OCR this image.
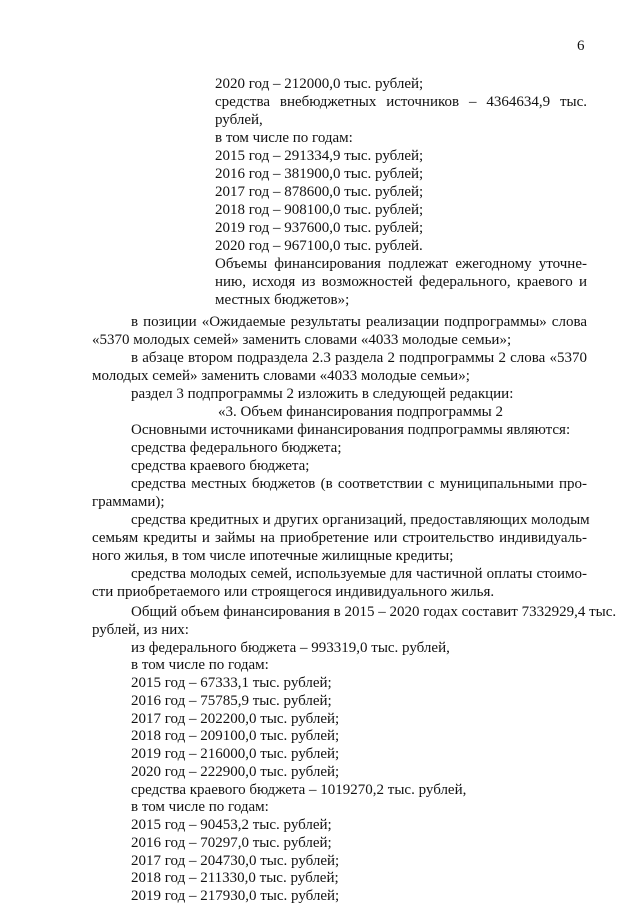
6
2020 год – 212000,0 тыс. рублей;
средства внебюджетных источников – 4364634,9 тыс.
рублей,
в том числе по годам:
2015 год – 291334,9 тыс. рублей;
2016 год – 381900,0 тыс. рублей;
2017 год – 878600,0 тыс. рублей;
2018 год – 908100,0 тыс. рублей;
2019 год – 937600,0 тыс. рублей;
2020 год – 967100,0 тыс. рублей.
Объемы финансирования подлежат ежегодному уточне-
нию, исходя из возможностей федерального, краевого и
местных бюджетов»;
в позиции «Ожидаемые результаты реализации подпрограммы» слова
«5370 молодых семей» заменить словами «4033 молодые семьи»;
в абзаце втором подраздела 2.3 раздела 2 подпрограммы 2 слова «5370
молодых семей» заменить словами «4033 молодые семьи»;
раздел 3 подпрограммы 2 изложить в следующей редакции:
«3. Объем финансирования подпрограммы 2
Основными источниками финансирования подпрограммы являются:
средства федерального бюджета;
средства краевого бюджета;
средства местных бюджетов (в соответствии с муниципальными про-
граммами);
средства кредитных и других организаций, предоставляющих молодым
семьям кредиты и займы на приобретение или строительство индивидуаль-
ного жилья, в том числе ипотечные жилищные кредиты;
средства молодых семей, используемые для частичной оплаты стоимо-
сти приобретаемого или строящегося индивидуального жилья.
Общий объем финансирования в 2015 – 2020 годах составит 7332929,4 тыс.
рублей, из них:
из федерального бюджета – 993319,0 тыс. рублей,
в том числе по годам:
2015 год – 67333,1 тыс. рублей;
2016 год – 75785,9 тыс. рублей;
2017 год – 202200,0 тыс. рублей;
2018 год – 209100,0 тыс. рублей;
2019 год – 216000,0 тыс. рублей;
2020 год – 222900,0 тыс. рублей;
средства краевого бюджета – 1019270,2 тыс. рублей,
в том числе по годам:
2015 год – 90453,2 тыс. рублей;
2016 год – 70297,0 тыс. рублей;
2017 год – 204730,0 тыс. рублей;
2018 год – 211330,0 тыс. рублей;
2019 год – 217930,0 тыс. рублей;
